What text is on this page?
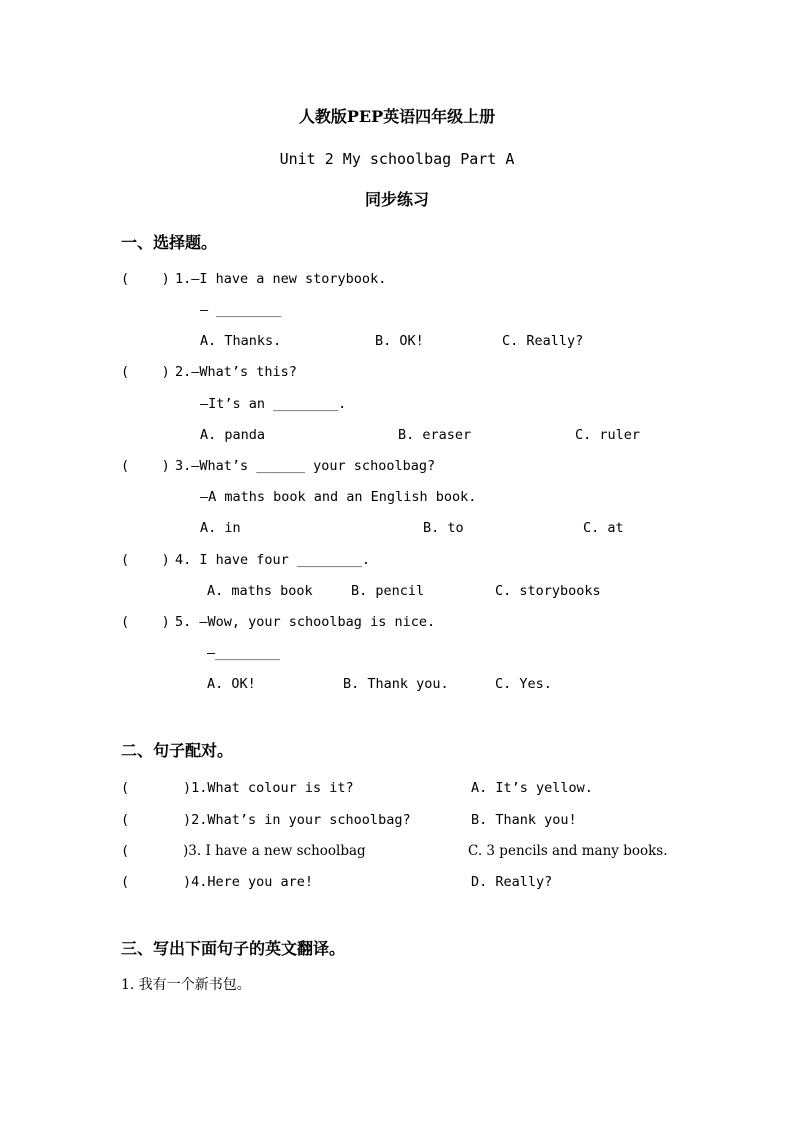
人教版PEP英语四年级上册
Unit 2 My schoolbag Part A
同步练习
一、选择题。
(    ) 1.—I have a new storybook.
— ________
A. Thanks.	B. OK!	C. Really?
(    ) 2.—What’s this?
—It’s an ________.
A. panda	B. eraser	C. ruler
(    ) 3.—What’s ______ your schoolbag?
—A maths book and an English book.
A. in	B. to	C. at
(    ) 4. I have four ________.
A. maths book	B. pencil	C. storybooks
(    ) 5. —Wow, your schoolbag is nice.
—________
A. OK!	B. Thank you.	C. Yes.
二、句子配对。
(	)1.What colour is it?	A. It’s yellow.
(	)2.What’s in your schoolbag?	B. Thank you!
(	)3. I have a new schoolbag	C. 3 pencils and many books.
(	)4.Here you are!	D. Really?
三、写出下面句子的英文翻译。
1. 我有一个新书包。
